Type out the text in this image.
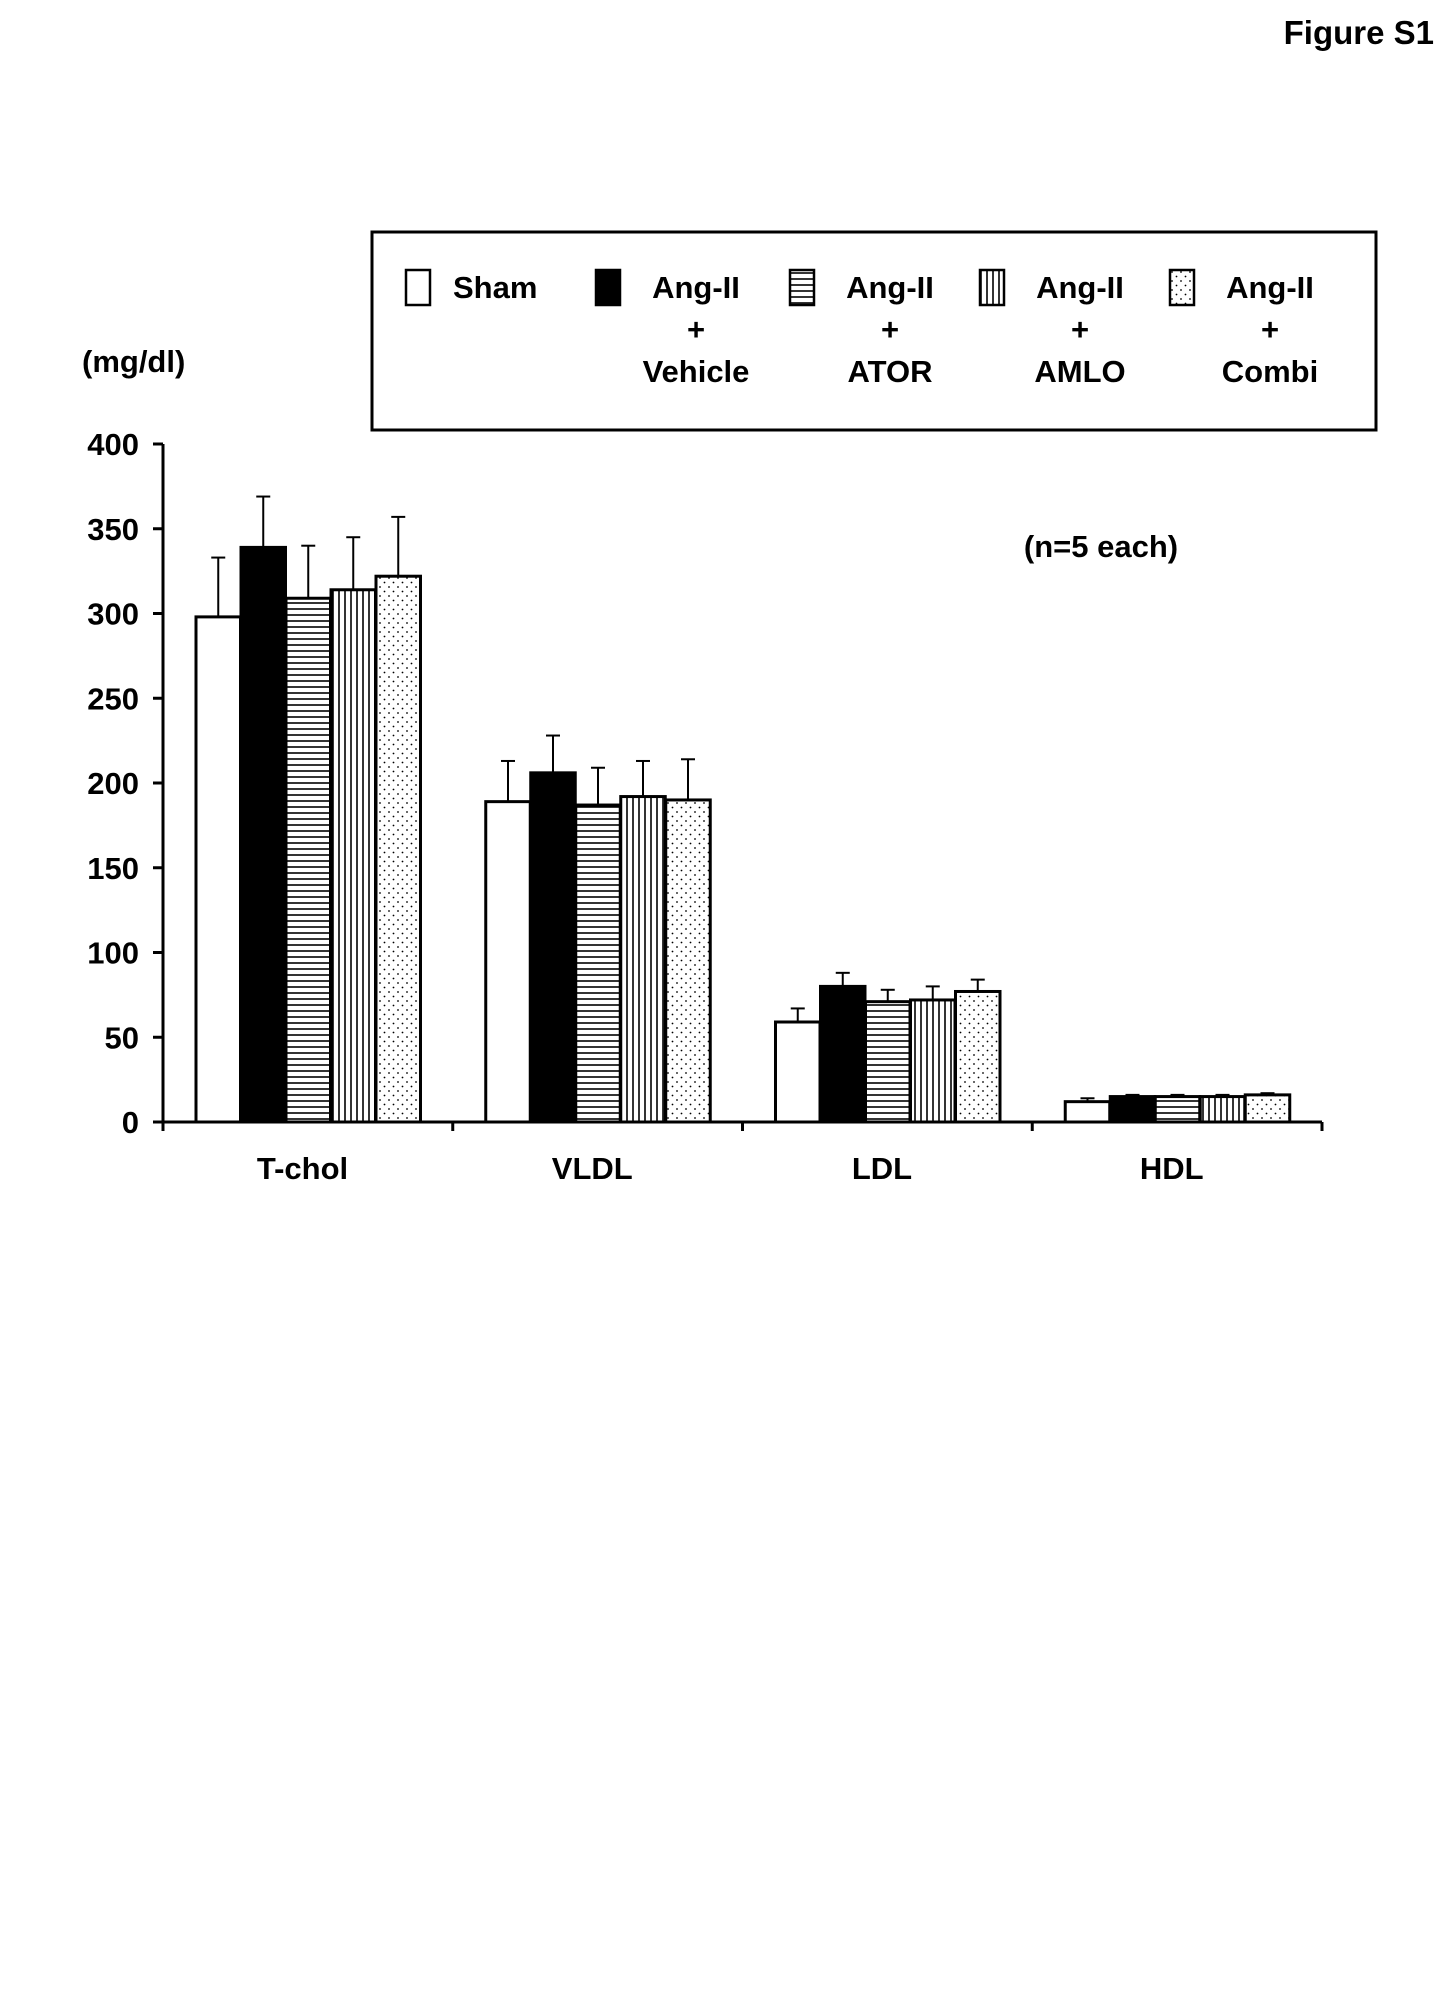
Figure S1
Sham	Ang-II
+
Vehicle
Ang-II
+
ATOR
Ang-II
+
AMLO
Ang-II
+
Combi
(mg/dl)
(n=5 each)
0
50
100
150
200
250
300
350
400
T-chol	VLDL	LDL	HDL
